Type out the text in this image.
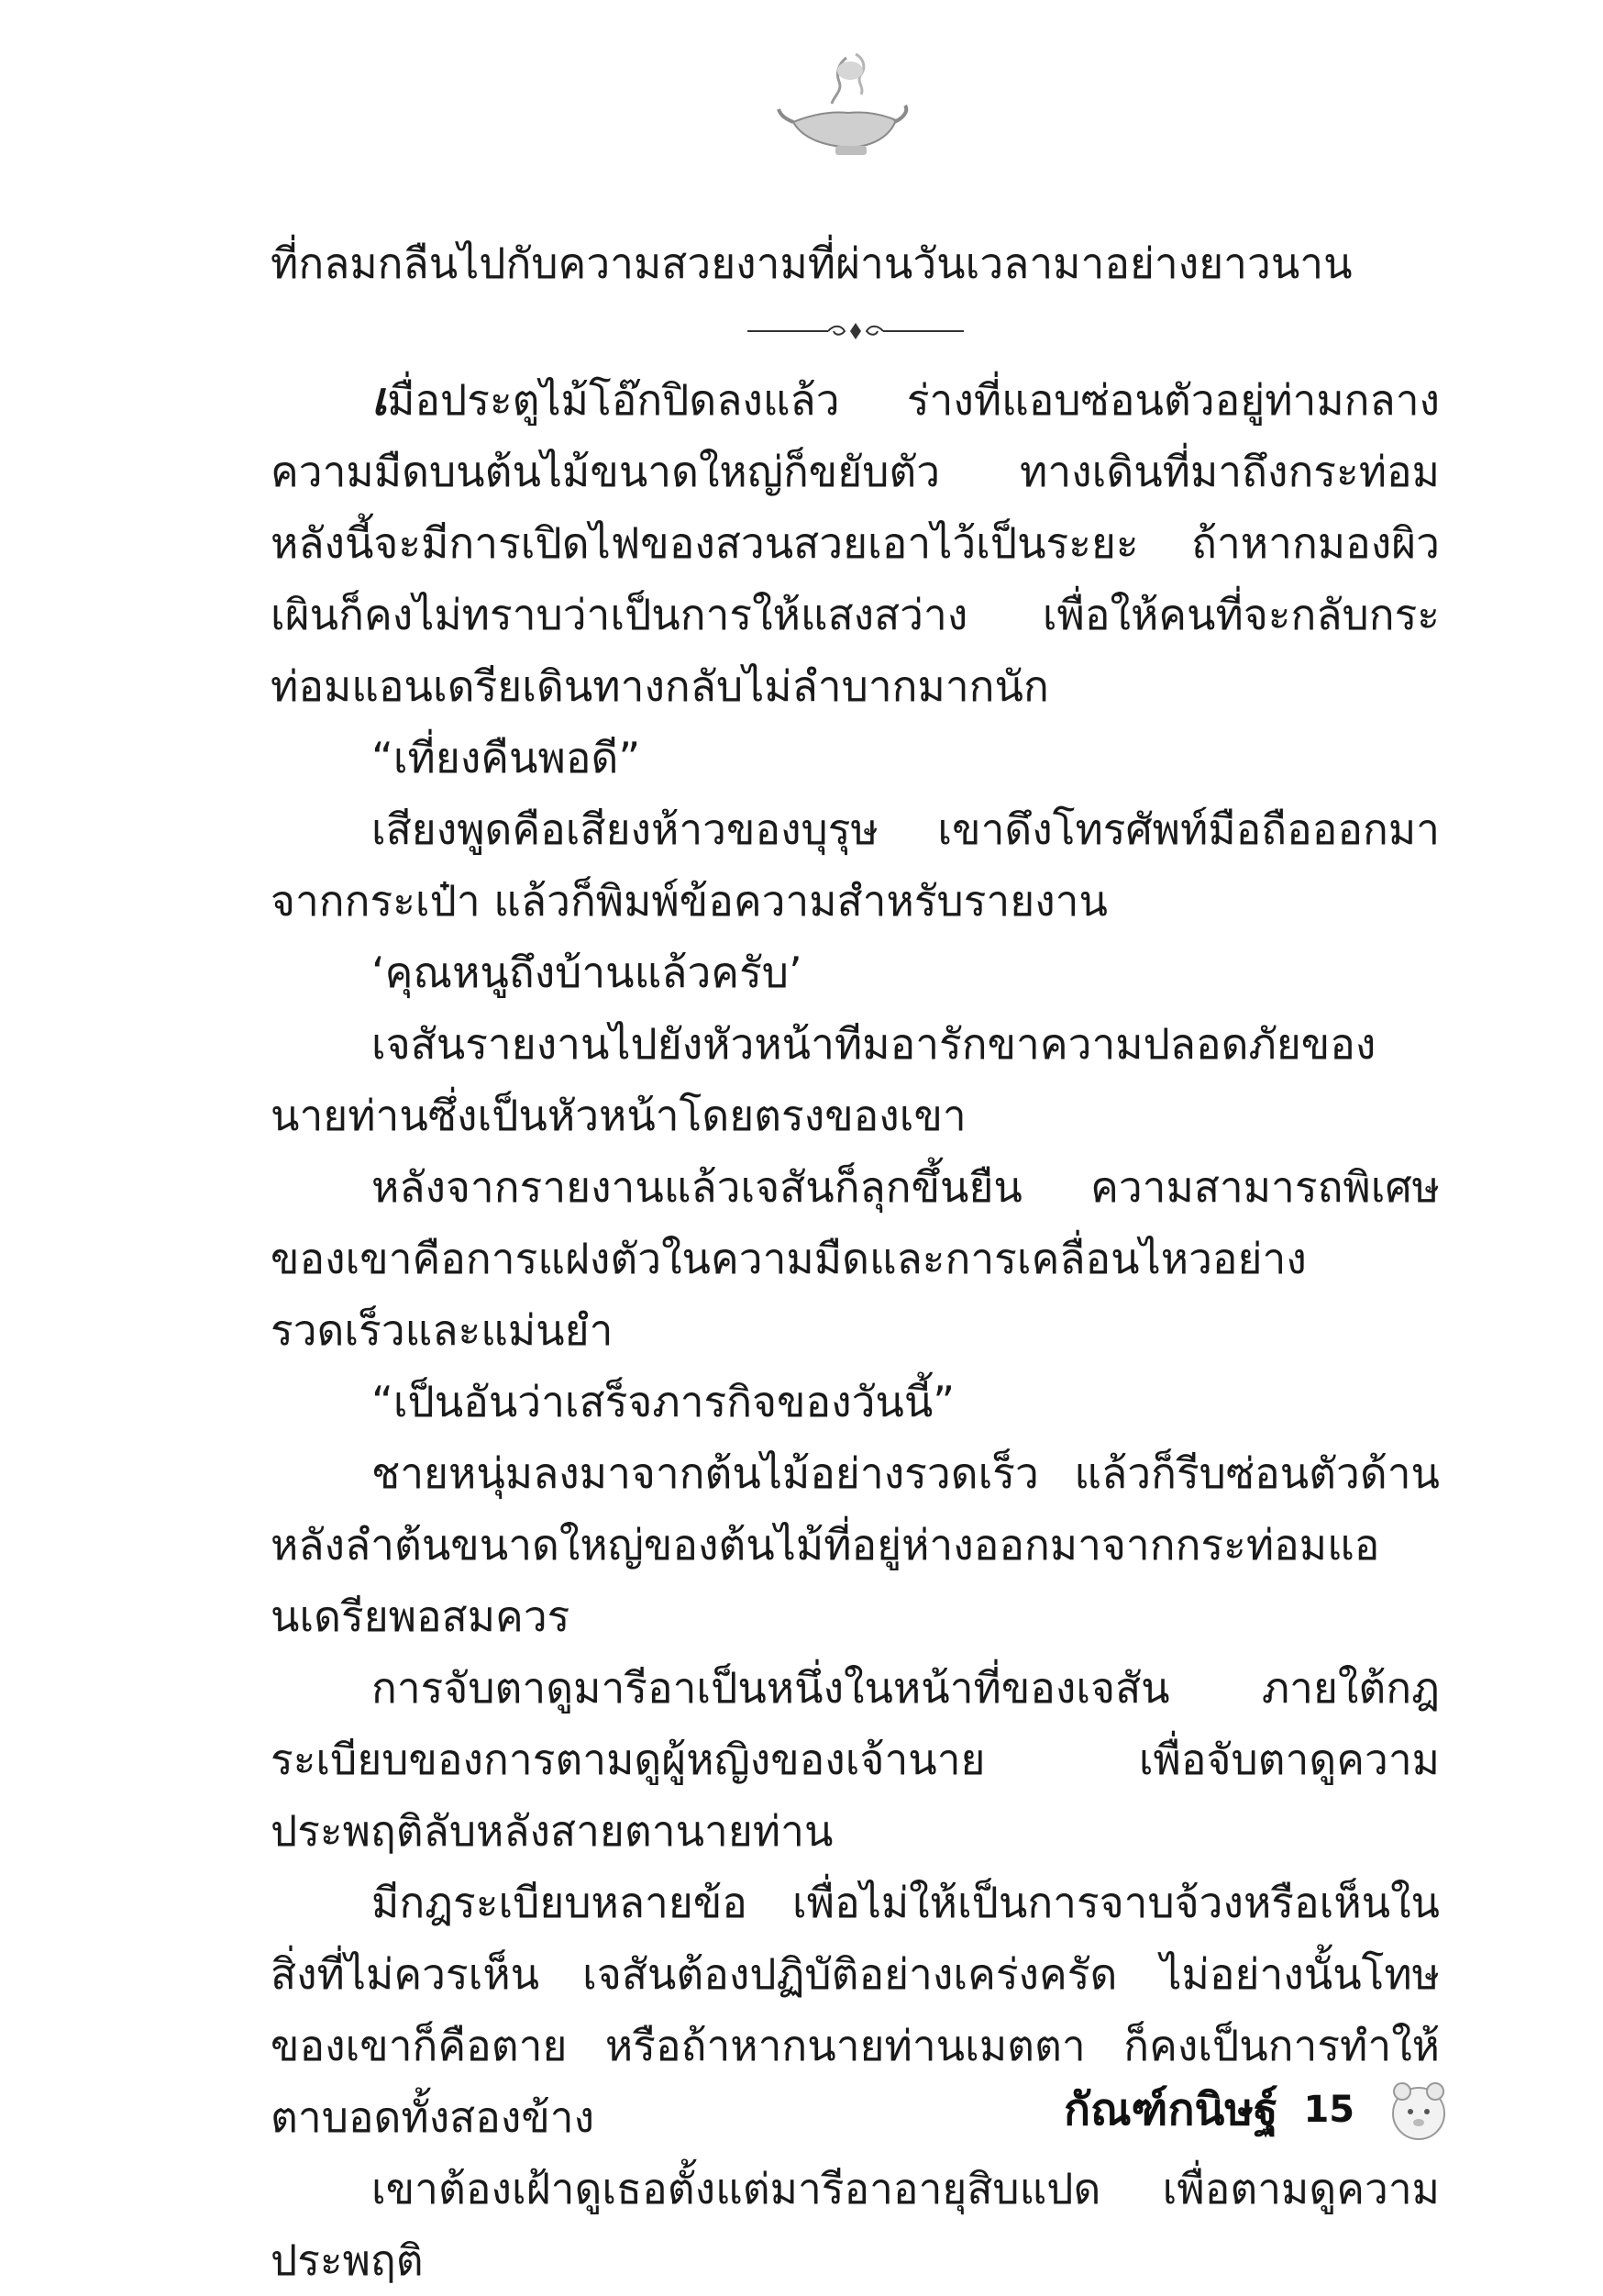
ที่กลมกลืนไปกับความสวยงามที่ผ่านวันเวลามาอย่างยาวนาน

เมื่อประตูไม้โอ๊กปิดลงแล้ว ร่างที่แอบซ่อนตัวอยู่ท่ามกลางความมืดบนต้นไม้ขนาดใหญ่ก็ขยับตัว ทางเดินที่มาถึงกระท่อมหลังนี้จะมีการเปิดไฟของสวนสวยเอาไว้เป็นระยะ ถ้าหากมองผิวเผินก็คงไม่ทราบว่าเป็นการให้แสงสว่าง เพื่อให้คนที่จะกลับกระท่อมแอนเดรียเดินทางกลับไม่ลำบากมากนัก

“เที่ยงคืนพอดี”

เสียงพูดคือเสียงห้าวของบุรุษ เขาดึงโทรศัพท์มือถือออกมาจากกระเป๋า แล้วก็พิมพ์ข้อความสำหรับรายงาน

‘คุณหนูถึงบ้านแล้วครับ’

เจสันรายงานไปยังหัวหน้าทีมอารักขาความปลอดภัยของนายท่านซึ่งเป็นหัวหน้าโดยตรงของเขา

หลังจากรายงานแล้วเจสันก็ลุกขึ้นยืน ความสามารถพิเศษของเขาคือการแฝงตัวในความมืดและการเคลื่อนไหวอย่างรวดเร็วและแม่นยำ

“เป็นอันว่าเสร็จภารกิจของวันนี้”

ชายหนุ่มลงมาจากต้นไม้อย่างรวดเร็ว แล้วก็รีบซ่อนตัวด้านหลังลำต้นขนาดใหญ่ของต้นไม้ที่อยู่ห่างออกมาจากกระท่อมแอนเดรียพอสมควร

การจับตาดูมารีอาเป็นหนึ่งในหน้าที่ของเจสัน ภายใต้กฎระเบียบของการตามดูผู้หญิงของเจ้านาย เพื่อจับตาดูความประพฤติลับหลังสายตานายท่าน

มีกฎระเบียบหลายข้อ เพื่อไม่ให้เป็นการจาบจ้วงหรือเห็นในสิ่งที่ไม่ควรเห็น เจสันต้องปฏิบัติอย่างเคร่งครัด ไม่อย่างนั้นโทษของเขาก็คือตาย หรือถ้าหากนายท่านเมตตา ก็คงเป็นการทำให้ตาบอดทั้งสองข้าง

เขาต้องเฝ้าดูเธอตั้งแต่มารีอาอายุสิบแปด เพื่อตามดูความประพฤติ

กัณฑ์กนิษฐ์ 15
